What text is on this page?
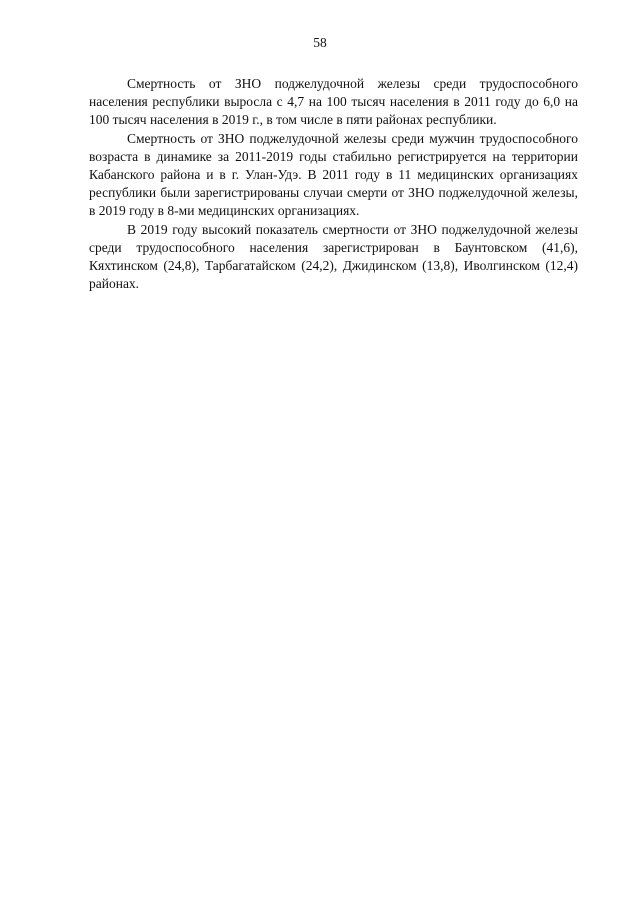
58

Смертность от ЗНО поджелудочной железы среди трудоспособного населения республики выросла с 4,7 на 100 тысяч населения в 2011 году до 6,0 на 100 тысяч населения в 2019 г., в том числе в пяти районах республики.

Смертность от ЗНО поджелудочной железы среди мужчин трудоспособного возраста в динамике за 2011-2019 годы стабильно регистрируется на территории Кабанского района и в г. Улан-Удэ. В 2011 году в 11 медицинских организациях республики были зарегистрированы случаи смерти от ЗНО поджелудочной железы, в 2019 году в 8-ми медицинских организациях.

В 2019 году высокий показатель смертности от ЗНО поджелудочной железы среди трудоспособного населения зарегистрирован в Баунтовском (41,6), Кяхтинском (24,8), Тарбагатайском (24,2), Джидинском (13,8), Иволгинском (12,4) районах.
